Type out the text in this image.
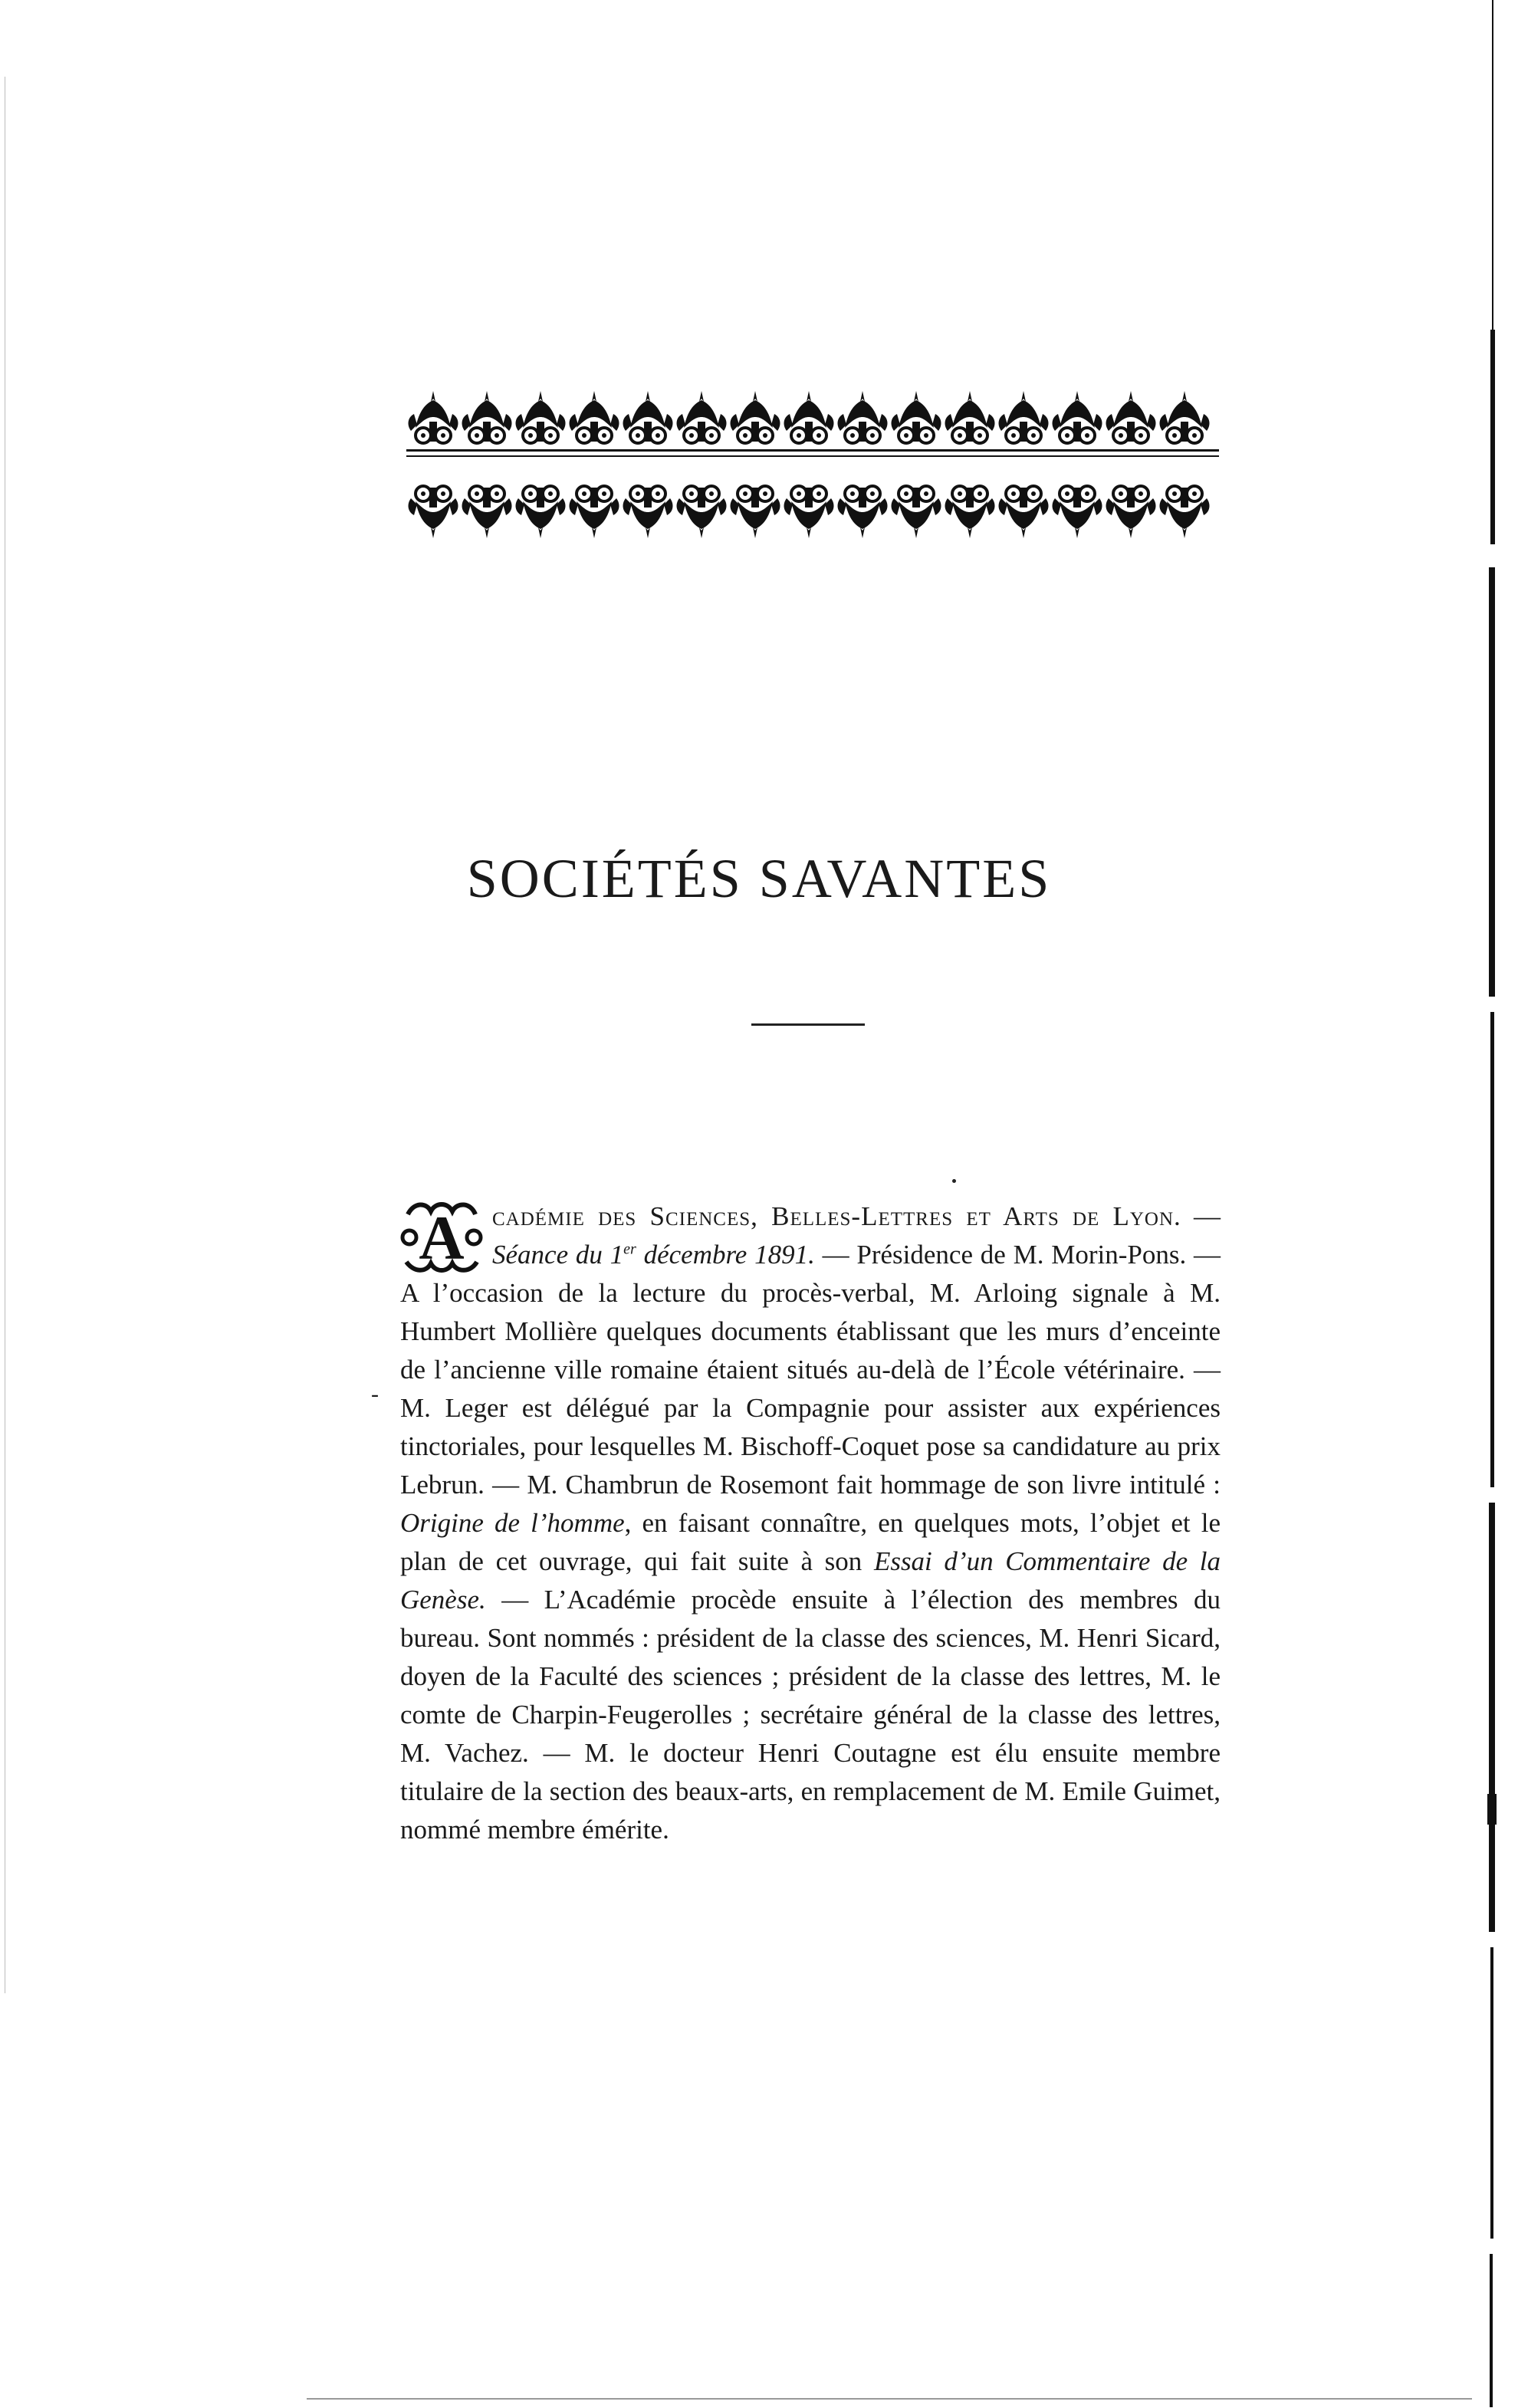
SOCIÉTÉS SAVANTES
-
A cadémie des Sciences, Belles-Lettres et Arts de Lyon. — Séance du 1er décembre 1891. — Présidence de M. Morin-Pons. — A l’occasion de la lecture du procès-verbal, M. Arloing signale à M. Humbert Mollière quelques documents établissant que les murs d’enceinte de l’ancienne ville romaine étaient situés au-delà de l’École vétérinaire. — M. Leger est délégué par la Compagnie pour assister aux expériences tinctoriales, pour lesquelles M. Bischoff-Coquet pose sa candidature au prix Lebrun. — M. Chambrun de Rosemont fait hommage de son livre intitulé : Origine de l’homme, en faisant connaître, en quelques mots, l’objet et le plan de cet ouvrage, qui fait suite à son Essai d’un Commentaire de la Genèse. — L’Académie procède ensuite à l’élection des membres du bureau. Sont nommés : président de la classe des sciences, M. Henri Sicard, doyen de la Faculté des sciences ; président de la classe des lettres, M. le comte de Charpin-Feugerolles ; secrétaire général de la classe des lettres, M. Vachez. — M. le docteur Henri Coutagne est élu ensuite membre titulaire de la section des beaux-arts, en remplacement de M. Emile Guimet, nommé membre émérite.
